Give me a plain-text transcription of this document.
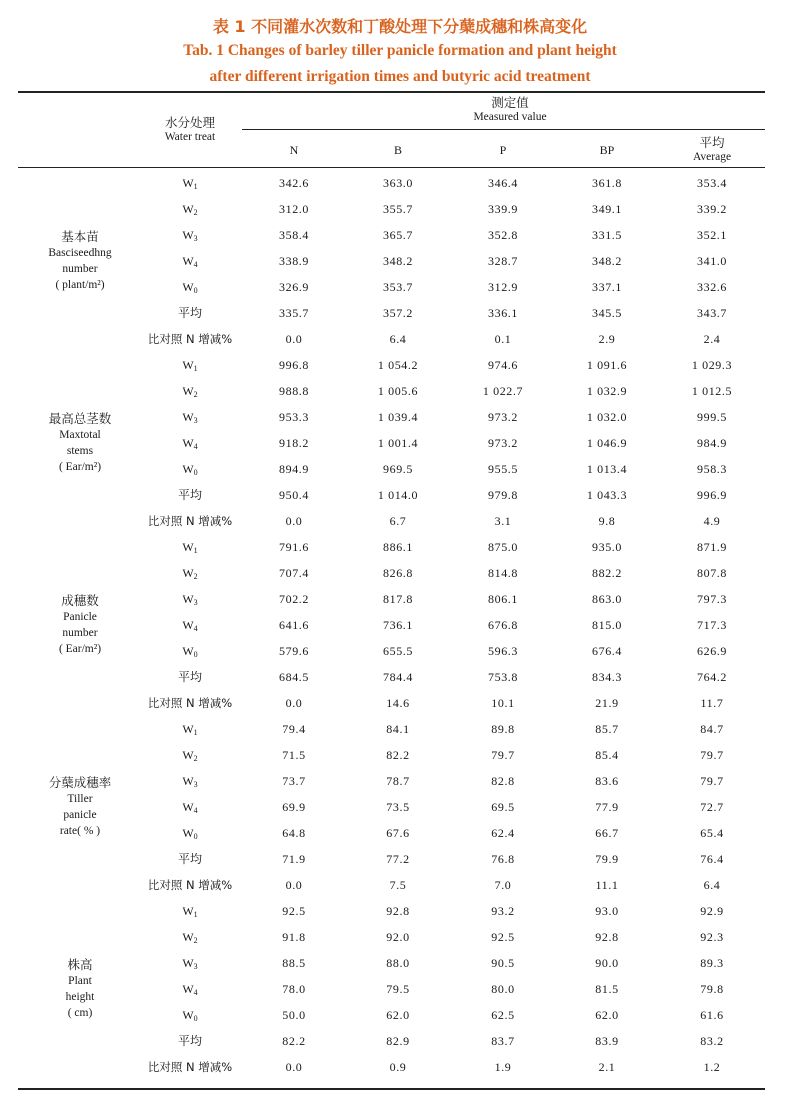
表 1 不同灌水次数和丁酸处理下分蘖成穗和株高变化
Tab. 1 Changes of barley tiller panicle formation and plant height
after different irrigation times and butyric acid treatment
水分处理
Water treat
测定值
Measured value
N	B	P	BP	平均
Average
基本苗
Basciseedhng
number
( plant/m²)
$W_1$	342.6	363.0	346.4	361.8	353.4
$W_2$	312.0	355.7	339.9	349.1	339.2
$W_3$	358.4	365.7	352.8	331.5	352.1
$W_4$	338.9	348.2	328.7	348.2	341.0
$W_0$	326.9	353.7	312.9	337.1	332.6
平均	335.7	357.2	336.1	345.5	343.7
比对照 N 增减%	0.0	6.4	0.1	2.9	2.4
最高总茎数
Maxtotal
stems
( Ear/m²)
$W_1$	996.8	1 054.2	974.6	1 091.6	1 029.3
$W_2$	988.8	1 005.6	1 022.7	1 032.9	1 012.5
$W_3$	953.3	1 039.4	973.2	1 032.0	999.5
$W_4$	918.2	1 001.4	973.2	1 046.9	984.9
$W_0$	894.9	969.5	955.5	1 013.4	958.3
平均	950.4	1 014.0	979.8	1 043.3	996.9
比对照 N 增减%	0.0	6.7	3.1	9.8	4.9
成穗数
Panicle
number
( Ear/m²)
$W_1$	791.6	886.1	875.0	935.0	871.9
$W_2$	707.4	826.8	814.8	882.2	807.8
$W_3$	702.2	817.8	806.1	863.0	797.3
$W_4$	641.6	736.1	676.8	815.0	717.3
$W_0$	579.6	655.5	596.3	676.4	626.9
平均	684.5	784.4	753.8	834.3	764.2
比对照 N 增减%	0.0	14.6	10.1	21.9	11.7
分蘖成穗率
Tiller
panicle
rate( % )
$W_1$	79.4	84.1	89.8	85.7	84.7
$W_2$	71.5	82.2	79.7	85.4	79.7
$W_3$	73.7	78.7	82.8	83.6	79.7
$W_4$	69.9	73.5	69.5	77.9	72.7
$W_0$	64.8	67.6	62.4	66.7	65.4
平均	71.9	77.2	76.8	79.9	76.4
比对照 N 增减%	0.0	7.5	7.0	11.1	6.4
株高
Plant
height
( cm)
$W_1$	92.5	92.8	93.2	93.0	92.9
$W_2$	91.8	92.0	92.5	92.8	92.3
$W_3$	88.5	88.0	90.5	90.0	89.3
$W_4$	78.0	79.5	80.0	81.5	79.8
$W_0$	50.0	62.0	62.5	62.0	61.6
平均	82.2	82.9	83.7	83.9	83.2
比对照 N 增减%	0.0	0.9	1.9	2.1	1.2
